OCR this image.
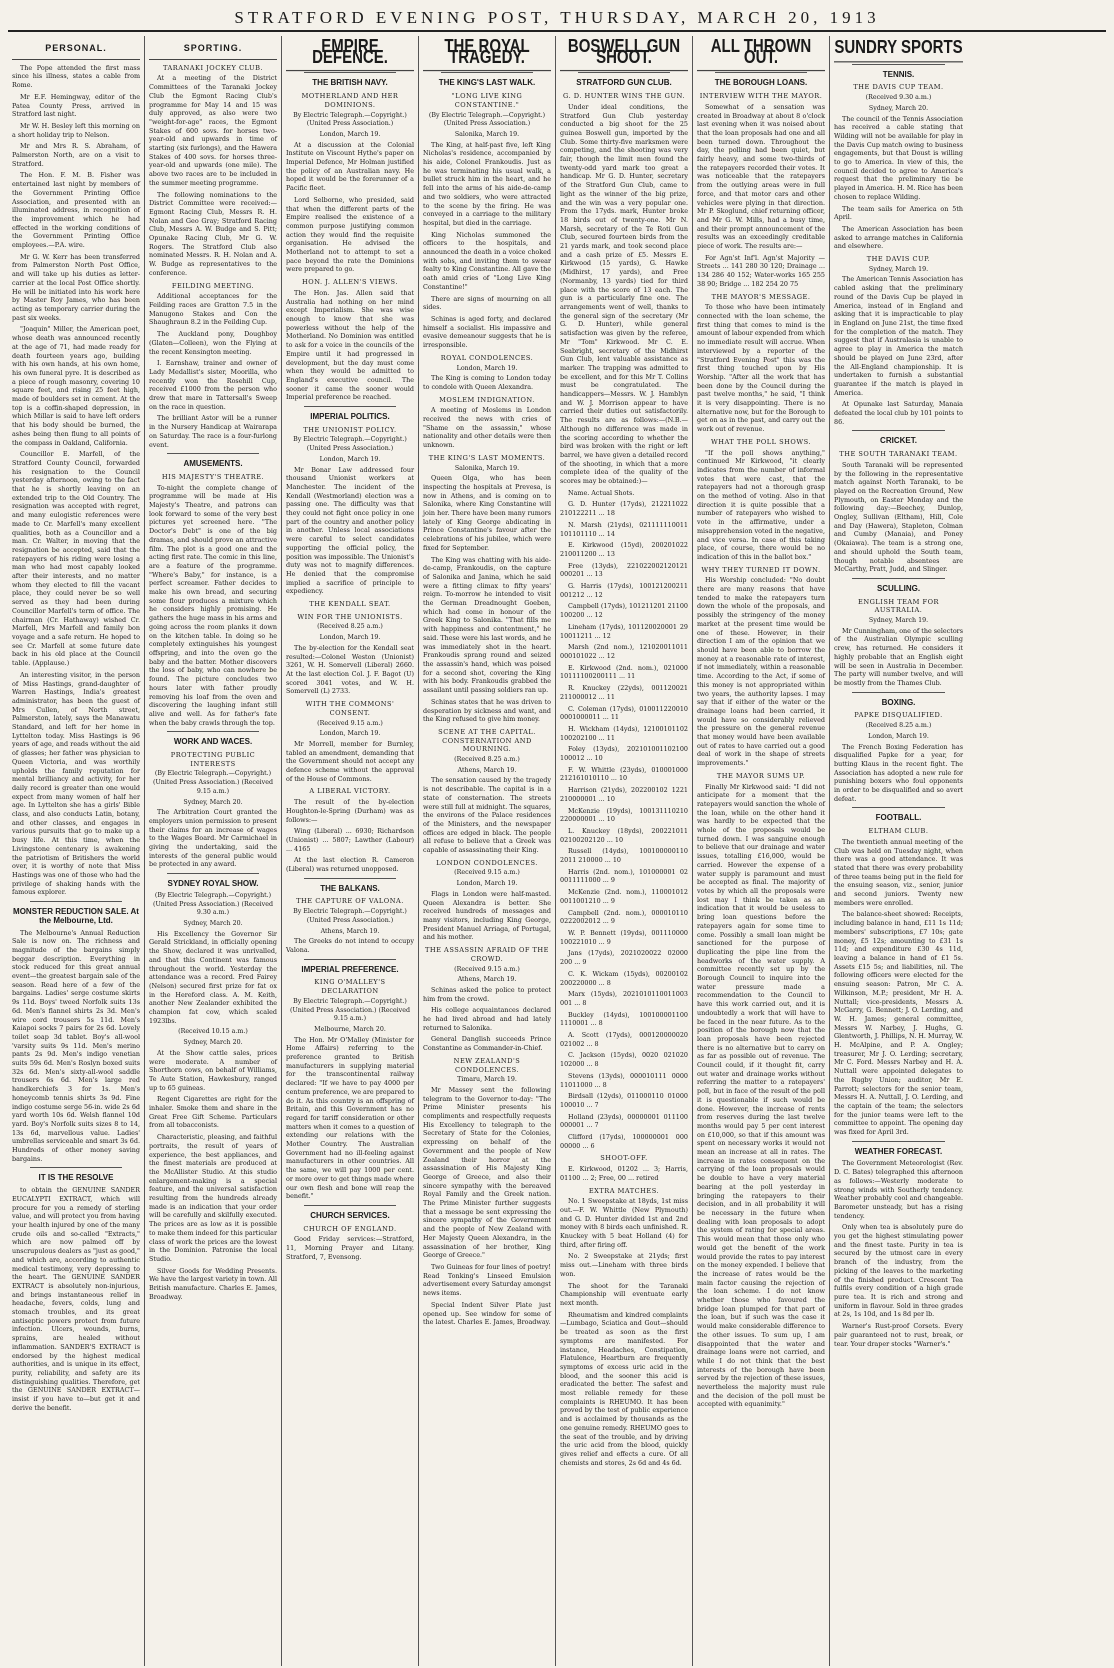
STRATFORD EVENING POST, THURSDAY, MARCH 20, 1913
PERSONAL.

The Pope attended the first mass since his illness, states a cable from Rome.

Mr E.F. Hemingway, editor of the Patea County Press, arrived in Stratford last night.

Mr W. H. Besley left this morning on a short holiday trip to Nelson.

Mr and Mrs R. S. Abraham, of Palmerston North, are on a visit to Stratford.

The Hon. F. M. B. Fisher was entertained last night by members of the Government Printing Office Association, and presented with an illuminated address, in recognition of the improvement which he had effected in the working conditions of the Government Printing Office employees.—P.A. wire.

Mr G. W. Kerr has been transferred from Palmerston North Post Office, and will take up his duties as letter-carrier at the local Post Office shortly. He will be initiated into his work here by Master Roy James, who has been acting as temporary carrier during the past six weeks.

"Joaquin" Miller, the American poet, whose death was announced recently at the age of 71, had made ready for death fourteen years ago, building with his own hands, at his own home, his own funeral pyre. It is described as a piece of rough masonry, covering 10 square feet, and rising 25 feet high, made of boulders set in cement. At the top is a coffin-shaped depression, in which Millar is said to have left orders that his body should be burned, the ashes being then flung to all points of the compass in Oakland, California.

Councillor E. Marfell, of the Stratford County Council, forwarded his resignation to the Council yesterday afternoon, owing to the fact that he is shortly leaving on an extended trip to the Old Country. The resignation was accepted with regret, and many eulogistic references were made to Cr. Marfell's many excellent qualities, both as a Councillor and a man. Cr. Walter, in moving that the resignation be accepted, said that the ratepayers of his riding were losing a man who had most capably looked after their interests, and no matter whom they elected to fill the vacant place, they could never be so well served as they had been during Councillor Marfell's term of office. The chairman (Cr. Hathaway) wished Cr. Marfell, Mrs Marfell and family bon voyage and a safe return. He hoped to see Cr. Marfell at some future date back in his old place at the Council table. (Applause.)

An interesting visitor, in the person of Miss Hastings, grand-daughter of Warren Hastings, India's greatest administrator, has been the guest of Mrs Cullen, of North street, Palmerston, lately, says the Manawatu Standard, and left for her home in Lyttelton today. Miss Hastings is 96 years of age, and reads without the aid of glasses; her father was physician to Queen Victoria, and was worthily upholds the family reputation for mental brilliancy and activity, for her daily record is greater than one would expect from many women of half her age. In Lyttelton she has a girls' Bible class, and also conducts Latin, botany, and other classes, and engages in various pursuits that go to make up a busy life. At this time, when the Livingstone centenary is awakening the patriotism of Britishers the world over, it is worthy of note that Miss Hastings was one of those who had the privilege of shaking hands with the famous explorer.

MONSTER REDUCTION SALE. At the Melbourne, Ltd.

The Melbourne's Annual Reduction Sale is now on. The richness and magnitude of the bargains simply beggar description. Everything in stock reduced for this great annual event—the greatest bargain sale of the season. Read here of a few of the bargains. Ladies' serge costume skirts 9s 11d. Boys' tweed Norfolk suits 13s 6d. Men's flannel shirts 2s 3d. Men's wire cord trousers 5s 11d. Men's Kaiapoi socks 7 pairs for 2s 6d. Lovely toilet soap 3d tablet. Boy's all-wool 'varsity suits 9s 11d. Men's merino pants 2s 9d. Men's indigo venetian suits 59s 6d. Men's Roslyn boxed suits 32s 6d. Men's sixty-all-wool saddle trousers 6s 6d. Men's large red handkerchiefs 3 for 1s. Men's honeycomb tennis shirts 3s 9d. Fine indigo costume serge 56-in. wide 2s 6d yard worth 10s 6d. Welsh flannel 10d yard. Boy's Norfolk suits sizes 8 to 14, 13s 6d, marvellous value. Ladies' umbrellas serviceable and smart 3s 6d. Hundreds of other money saving bargains.

IT IS THE RESOLVE

to obtain the GENUINE SANDER EUCALYPTI EXTRACT, which will procure for you a remedy of sterling value, and will protect you from having your health injured by one of the many crude oils and so-called "Extracts," which are now palmed off by unscrupulous dealers as "just as good," and which are, according to authentic medical testimony, very depressing to the heart. The GENUINE SANDER EXTRACT is absolutely non-injurious, and brings instantaneous relief in headache, fevers, colds, lung and stomach troubles, and its great antiseptic powers protect from future infection. Ulcers, wounds, burns, sprains, are healed without inflammation. SANDER'S EXTRACT is endorsed by the highest medical authorities, and is unique in its effect, purity, reliability, and safety are its distinguishing qualities. Therefore, get the GENUINE SANDER EXTRACT—insist if you have to—but get it and derive the benefit.

SPORTING.
TARANAKI JOCKEY CLUB.

At a meeting of the District Committees of the Taranaki Jockey Club the Egmont Racing Club's programme for May 14 and 15 was duly approved, as also were two "weight-for-age" races, the Egmont Stakes of 600 sovs. for horses two-year-old and upwards in time of starting (six furlongs), and the Hawera Stakes of 400 sovs. for horses three-year-old and upwards (one mile). The above two races are to be included in the summer meeting programme.

The following nominations to the District Committee were received:—Egmont Racing Club, Messrs R. H. Nolan and Geo Gray; Stratford Racing Club, Messrs A. W. Budge and S. Pitt; Opunake Racing Club, Mr G. W. Rogers. The Stratford Club also nominated Messrs. R. H. Nolan and A. W. Budge as representatives to the conference.

FEILDING MEETING.

Additional acceptances for the Feilding races are Gratton 7.5 in the Manugono Stakes and Con the Shaughraun 8.2 in the Feilding Cup.

The Auckland pony, Doughboy (Glaten—Colleen), won the Flying at the recent Kensington meeting.

I. Earnshaw, trainer and owner of Lady Medallist's sister, Moorilla, who recently won the Rosehill Cup, received £1000 from the person who drew that mare in Tattersall's Sweep on the race in question.

The brilliant Astor will be a runner in the Nursery Handicap at Wairarapa on Saturday. The race is a four-furlong event.

AMUSEMENTS.
HIS MAJESTY'S THEATRE.

To-night the complete change of programme will be made at His Majesty's Theatre, and patrons can look forward to some of the very best pictures yet screened here. "The Doctor's Debt" is one of the big dramas, and should prove an attractive film. The plot is a good one and the acting first rate. The comic in this line, are a feature of the programme. "Where's Baby," for instance, is a perfect screamer. Father decides to make his own bread, and securing some flour produces a mixture which he considers highly promising. He gathers the huge mass in his arms and going across the room planks it down on the kitchen table. In doing so he completely extinguishes his youngest offspring, and into the oven go the baby and the batter. Mother discovers the loss of baby, who can nowhere be found. The picture concludes two hours later with father proudly removing his loaf from the oven and discovering the laughing infant still alive and well. As for father's fate when the baby crawls through the top.

WORK AND WACES.
PROTECTING PUBLIC INTERESTS
(By Electric Telegraph.—Copyright.) (United Press Association.) (Received 9.15 a.m.)
Sydney, March 20.

The Arbitration Court granted the employers union permission to present their claims for an increase of wages to the Wages Board. Mr Carmichael in giving the undertaking, said the interests of the general public would be protected in any award.

SYDNEY ROYAL SHOW.
(By Electric Telegraph.—Copyright.) (United Press Association.) (Received 9.30 a.m.)
Sydney, March 20.

His Excellency the Governor Sir Gerald Strickland, in officially opening the Show, declared it was unrivalled, and that this Continent was famous throughout the world. Yesterday the attendance was a record. Fred Fairey (Nelson) secured first prize for fat ox in the Hereford class. A. M. Keith, another New Zealander exhibited the champion fat cow, which scaled 1923lbs.

(Received 10.15 a.m.)
Sydney, March 20.

At the Show cattle sales, prices were moderate. A number of Shorthorn cows, on behalf of Williams, Te Aute Station, Hawkesbury, ranged up to 65 guineas.

Regent Cigarettes are right for the inhaler. Smoke them and share in the Great Free Gift Scheme. Particulars from all tobacconists.

Characteristic, pleasing, and faithful portraits, the result of years of experience, the best appliances, and the finest materials are produced at the McAllister Studio. At this studio enlargement-making is a special feature, and the universal satisfaction resulting from the hundreds already made is an indication that your order will be carefully and skilfully executed. The prices are as low as it is possible to make them indeed for this particular class of work the prices are the lowest in the Dominion. Patronise the local Studio.

Silver Goods for Wedding Presents. We have the largest variety in town. All British manufacture. Charles E. James, Broadway.

EMPIRE DEFENCE.
THE BRITISH NAVY.
MOTHERLAND AND HER DOMINIONS.
By Electric Telegraph.—Copyright.) (United Press Association.)
London, March 19.

At a discussion at the Colonial Institute on Viscount Hythe's paper on Imperial Defence, Mr Holman justified the policy of an Australian navy. He hoped it would be the forerunner of a Pacific fleet.

Lord Selborne, who presided, said that when the different parts of the Empire realised the existence of a common purpose justifying common action they would find the requisite organisation. He advised the Motherland not to attempt to set a pace beyond the rate the Dominions were prepared to go.

HON. J. ALLEN'S VIEWS.

The Hon. Jas. Allen said that Australia had nothing on her mind except Imperialism. She was wise enough to know that she was powerless without the help of the Motherland. No Dominion was entitled to ask for a voice in the councils of the Empire until it had progressed in development, but the day must come when they would be admitted to England's executive council. The sooner it came the sooner would Imperial preference be reached.

IMPERIAL POLITICS.
THE UNIONIST POLICY.
By Electric Telegraph.—Copyright.) (United Press Association.)
London, March 19.

Mr Bonar Law addressed four thousand Unionist workers at Manchester. The incident of the Kendall (Westmorland) election was a passing one. The difficulty was that they could not fight once policy in one part of the country and another policy in another. Unless local associations were careful to select candidates supporting the official policy, the position was impossible. The Unionist's duty was not to magnify differences. He denied that the compromise implied a sacrifice of principle to expediency.

THE KENDALL SEAT.
WIN FOR THE UNIONISTS.
(Received 8.25 a.m.)
London, March 19.

The by-election for the Kendall seat resulted:—Colonel Weston (Unionist) 3261, W. H. Somervell (Liberal) 2660. At the last election Col. J. F. Bagot (U) scored 3041 votes, and W. H. Somervell (L) 2733.

WITH THE COMMONS' CONSENT.
(Received 9.15 a.m.)
London, March 19.

Mr Morrell, member for Burnley, tabled an amendment, demanding that the Government should not accept any defence scheme without the approval of the House of Commons.

A LIBERAL VICTORY.

The result of the by-election Houghton-le-Spring (Durham) was as follows:—

Wing (Liberal) ... 6930; Richardson (Unionist) ... 5807; Lawther (Labour) ... 4165

At the last election R. Cameron (Liberal) was returned unopposed.

THE BALKANS.
THE CAPTURE OF VALONA.
By Electric Telegraph.—Copyright.) (United Press Association.)
Athens, March 19.

The Greeks do not intend to occupy Valona.

IMPERIAL PREFERENCE.
KING O'MALLEY'S DECLARATION
By Electric Telegraph.—Copyright.) (United Press Association.) (Received 9.15 a.m.)
Melbourne, March 20.

The Hon. Mr O'Malley (Minister for Home Affairs) referring to the preference granted to British manufacturers in supplying material for the transcontinental railway declared: "If we have to pay 4000 per centum preference, we are prepared to do it. As this country is an offspring of Britain, and this Government has no regard for tariff consideration or other matters when it comes to a question of extending our relations with the Mother Country. The Australian Government had no ill-feeling against manufacturers in other countries. All the same, we will pay 1000 per cent. or more over to get things made where our own flesh and bone will reap the benefit."

CHURCH SERVICES.
CHURCH OF ENGLAND.

Good Friday services:—Stratford, 11, Morning Prayer and Litany. Stratford, 7, Evensong.

THE ROYAL TRAGEDY.
THE KING'S LAST WALK.
"LONG LIVE KING CONSTANTINE."
(By Electric Telegraph.—Copyright.) (United Press Association.)
Salonika, March 19.

The King, at half-past five, left King Nicholas's residence, accompanied by his aide, Colonel Frankoudis. Just as he was terminating his usual walk, a bullet struck him in the heart, and he fell into the arms of his aide-de-camp and two soldiers, who were attracted to the scene by the firing. He was conveyed in a carriage to the military hospital, but died in the carriage.

King Nicholas summoned the officers to the hospitals, and announced the death in a voice choked with sobs, and inviting them to swear fealty to King Constantine. All gave the oath amid cries of "Long Live King Constantine!"

There are signs of mourning on all sides.

Schinas is aged forty, and declared himself a socialist. His impassive and evasive demeanour suggests that he is irresponsible.

ROYAL CONDOLENCES.
London, March 19.

The King is coming to London today to condole with Queen Alexandra.

MOSLEM INDIGNATION.

A meeting of Moslems in London received the news with cries of "Shame on the assassin," whose nationality and other details were then unknown.

THE KING'S LAST MOMENTS.
Salonika, March 19.

Queen Olga, who has been inspecting the hospitals at Prevesa, is now in Athens, and is coming on to Salonika, where King Constantine will join her. There have been many rumors lately of King George abdicating in Prince Constantine's favour after the celebrations of his jubilee, which were fixed for September.

The King was chatting with his aide-de-camp, Frankoudis, on the capture of Salonika and Janina, which he said were a fitting climax to fifty years' reign. To-morrow he intended to visit the German Dreadnought Goeben, which had come in honour of the Greek King to Salonika. "That fills me with happiness and contentment," he said. These were his last words, and he was immediately shot in the heart. Frankoudis sprang round and seized the assassin's hand, which was poised for a second shot, covering the King with his body. Frankoudis grabbed the assailant until passing soldiers ran up.

Schinas states that he was driven to desperation by sickness and want, and the King refused to give him money.

SCENE AT THE CAPITAL. CONSTERNATION AND MOURNING.
(Received 8.25 a.m.)
Athens, March 19.

The sensation caused by the tragedy is not describable. The capital is in a state of consternation. The streets were still full at midnight. The squares, the environs of the Palace residences of the Ministers, and the newspaper offices are edged in black. The people all refuse to believe that a Greek was capable of assassinating their King.

LONDON CONDOLENCES.
(Received 9.15 a.m.)
London, March 19.

Flags in London were half-masted. Queen Alexandra is better. She received hundreds of messages and many visitors, including King George, President Manuel Arriaga, of Portugal, and his mother.

THE ASSASSIN AFRAID OF THE CROWD.
(Received 9.15 a.m.)
Athens, March 19.

Schinas asked the police to protect him from the crowd.

His college acquaintances declared he had lived abroad and had lately returned to Salonika.

General Danglish succeeds Prince Constantine as Commander-in-Chief.

NEW ZEALAND'S CONDOLENCES.
Timaru, March 19.

Mr Massey sent the following telegram to the Governor to-day: "The Prime Minister presents his compliments and respectfully requests His Excellency to telegraph to the Secretary of State for the Colonies, expressing on behalf of the Government and the people of New Zealand their horror at the assassination of His Majesty King George of Greece, and also their sincere sympathy with the bereaved Royal Family and the Greek nation. The Prime Minister further suggests that a message be sent expressing the sincere sympathy of the Government and the people of New Zealand with Her Majesty Queen Alexandra, in the assassination of her brother, King George of Greece."

Two Guineas for four lines of poetry! Read Tonking's Linseed Emulsion advertisement every Saturday amongst news items.

Special Indent Silver Plate just opened up. See window for some of the latest. Charles E. James, Broadway.

BOSWELL GUN SHOOT.
STRATFORD GUN CLUB.
G. D. HUNTER WINS THE GUN.

Under ideal conditions, the Stratford Gun Club yesterday conducted a big shoot for the 25 guinea Boswell gun, imported by the Club. Some thirty-five marksmen were competing, and the shooting was very fair, though the limit men found the twenty-odd yard mark too great a handicap. Mr G. D. Hunter, secretary of the Stratford Gun Club, came to light as the winner of the big prize, and the win was a very popular one. From the 17yds. mark, Hunter broke 18 birds out of twenty-one. Mr N. Marsh, secretary of the Te Roti Gun Club, secured fourteen birds from the 21 yards mark, and took second place and a cash prize of £5. Messrs E. Kirkwood (15 yards), G. Hawke (Midhirst, 17 yards), and Free (Normanby, 13 yards) tied for third place with the score of 13 each. The gun is a particularly fine one. The arrangements went of well, thanks to the general sign of the secretary (Mr G. D. Hunter), while general satisfaction was given by the referee, Mr "Tom" Kirkwood. Mr C. E. Seabright, secretary of the Midhirst Gun Club, lent valuable assistance as marker. The trapping was admitted to be excellent, and for this Mr T. Collins must be congratulated. The handicappers—Messrs. W. J. Hamblyn and W. J. Morrison appear to have carried their duties out satisfactorily. The results are as follows:—(N.B.—Although no difference was made in the scoring according to whether the bird was broken with the right or left barrel, we have given a detailed record of the shooting, in which that a more complete idea of the quality of the scores may be obtained:)—

Name. Actual Shots.

G. D. Hunter (17yds), 212211022 210122211 ... 18

N. Marsh (21yds), 021111110011 101101110 ... 14

E. Kirkwood (15yd), 200201022 210011200 ... 13

Free (13yds), 221022002120121 000201 ... 13

G. Harris (17yds), 100121200211 001212 ... 12

Campbell (17yds), 101211201 21100 100200 ... 12

Lineham (17yds), 101120020001 29 10011211 ... 12

Marsh (2nd nom.), 121020011011 000101022 ... 12

E. Kirkwood (2nd. nom.), 021000 10111100200111 ... 11

R. Knuckey (22yds), 001120021 211000012 ... 11

C. Coleman (17yds), 010011220010 0001000011 ... 11

H. Wickham (14yds), 12100101102 100202100 ... 11

Foley (13yds), 202101001102100 100012 ... 10

F. W. Whittle (23yds), 010001000 212161010110 ... 10

Harrison (21yds), 202200102 1221 210000001 ... 10

McKenzie (19yds), 100131110210 220000001 ... 10

L. Knuckey (18yds), 200221011 02100202120 ... 10

Russell (14yds), 100100000110 2011 210000 ... 10

Harris (2nd. nom.), 101000001 02 0011111000 ... 9

McKenzie (2nd. nom.), 110001012 0011001210 ... 9

Campbell (2nd. nom.), 000010110 0222002012 ... 9

W. P. Bennett (19yds), 001110000 100221010 ... 9

Jans (17yds), 2021020022 02000 200 ... 9

C. K. Wickam (15yds), 00200102 200220000 ... 8

Marx (15yds), 2021010110011003 001 ... 8

Buckley (14yds), 100100001100 1110001 ... 8

A. Scott (17yds), 000120000020 021002 ... 8

C. Jackson (15yds), 0020 021020 102000 ... 8

Stevens (13yds), 000010111 0000 11011000 ... 8

Birdsall (12yds), 011000110 01000 100010 ... 7

Holland (23yds), 00000001 011100 000001 ... 7

Clifford (17yds), 100000001 000 00000 ... 6

SHOOT-OFF.

E. Kirkwood, 01202 ... 3; Harris, 01100 ... 2; Free, 00 ... retired

EXTRA MATCHES.

No. 1 Sweepstake at 18yds, 1st miss out.—F. W. Whittle (New Plymouth) and G. D. Hunter divided 1st and 2nd money with 8 birds each unfinished. R. Knuckey with 5 beat Holland (4) for third, after firing off.

No. 2 Sweepstake at 21yds; first miss out.—Lineham with three birds won.

The shoot for the Taranaki Championship will eventuate early next month.

Rheumatism and kindred complaints —Lumbago, Sciatica and Gout—should be treated as soon as the first symptoms are manifested. For instance, Headaches, Constipation, Flatulence, Heartburn are frequently symptoms of excess uric acid in the blood, and the sooner this acid is eradicated the better. The safest and most reliable remedy for these complaints is RHEUMO. It has been proved by the test of public experience and is acclaimed by thousands as the one genuine remedy. RHEUMO goes to the seat of the trouble, and by driving the uric acid from the blood, quickly gives relief and effects a cure. Of all chemists and stores, 2s 6d and 4s 6d.

ALL THROWN OUT.
THE BOROUGH LOANS.
INTERVIEW WITH THE MAYOR.

Somewhat of a sensation was created in Broadway at about 8 o'clock last evening when it was noised about that the loan proposals had one and all been turned down. Throughout the day, the polling had been quiet, but fairly heavy, and some two-thirds of the ratepayers recorded their votes. It was noticeable that the ratepayers from the outlying areas were in full force, and that motor cars and other vehicles were plying in that direction. Mr P. Skoglund, chief returning officer, and Mr G. W. Mills, had a busy time, and their prompt announcement of the results was an exceedingly creditable piece of work. The results are:—

For Agn'st Inf'l. Agn'st Majority — Streets ... 141 280 30 120; Drainage ... 134 286 40 152; Water-works 165 255 38 90; Bridge ... 182 254 20 75

THE MAYOR'S MESSAGE.

To those who have been intimately connected with the loan scheme, the first thing that comes to mind is the amount of labour expended from which no immediate result will accrue. When interviewed by a reporter of the "Stratford Evening Post" this was the first thing touched upon by His Worship. "After all the work that has been done by the Council during the past twelve months," he said, "I think it is very disappointing. There is no alternative now, but for the Borough to get on as in the past, and carry out the work out of revenue.

WHAT THE POLL SHOWS.

"If the poll shows anything," continued Mr Kirkwood, "it clearly indicates from the number of informal votes that were cast, that the ratepayers had not a thorough grasp on the method of voting. Also in that direction it is quite possible that a number of ratepayers who wished to vote in the affirmative, under a misapprehension voted in the negative, and vice versa. In case of this taking place, of course, there would be no indication of this in the ballot box."

WHY THEY TURNED IT DOWN.

His Worship concluded: "No doubt there are many reasons that have tended to make the ratepayers turn down the whole of the proposals, and possibly the stringency of the money market at the present time would be one of these. However, in their direction I am of the opinion that we should have been able to borrow the money at a reasonable rate of interest, if not immediately, within a reasonable time. According to the Act, if some of this money is not appropriated within two years, the authority lapses. I may say that if either of the water or the drainage loans had been carried, it would have so considerably relieved the pressure on the general revenue that money would have been available out of rates to have carried out a good deal of work in the shape of streets improvements."

THE MAYOR SUMS UP.

Finally Mr Kirkwood said: "I did not anticipate for a moment that the ratepayers would sanction the whole of the loan, while on the other hand it was hardly to be expected that the whole of the proposals would be turned down. I was sanguine enough to believe that our drainage and water issues, totalling £16,000, would be carried. However the expense of a water supply is paramount and must be accepted as final. The majority of votes by which all the proposals were lost may I think be taken as an indication that it would be useless to bring loan questions before the ratepayers again for some time to come. Possibly a small loan might be sanctioned for the purpose of duplicating the pipe line from the headworks of the water supply. A committee recently set up by the Borough Council to inquire into the water pressure made a recommendation to the Council to have this work carried out, and it is undoubtedly a work that will have to be faced in the near future. As to the position of the borough now that the loan proposals have been rejected there is no alternative but to carry on as far as possible out of revenue. The Council could, if it thought fit, carry out water and drainage works without referring the matter to a ratepayers' poll, but in face of the result of the poll it is questionable if such would be done. However, the increase of rents from reserves during the last twelve months would pay 5 per cent interest on £10,000, so that if this amount was spent on necessary works it would not mean an increase at all in rates. The increase in rates consequent on the carrying of the loan proposals would be double to have a very material bearing at the poll yesterday in bringing the ratepayers to their decision, and in all probability it will be necessary in the future when dealing with loan proposals to adopt the system of rating for special areas. This would mean that those only who would get the benefit of the work would provide the rates to pay interest on the money expended. I believe that the increase of rates would be the main factor causing the rejection of the loan scheme. I do not know whether those who favoured the bridge loan plumped for that part of the loan, but if such was the case it would make considerable difference to the other issues. To sum up, I am disappointed that the water and drainage loans were not carried, and while I do not think that the best interests of the borough have been served by the rejection of these issues, nevertheless the majority must rule and the decision of the poll must be accepted with equanimity."

SUNDRY SPORTS
TENNIS.
THE DAVIS CUP TEAM.
(Received 9.30 a.m.)
Sydney, March 20.

The council of the Tennis Association has received a cable stating that Wilding will not be available for play in the Davis Cup match owing to business engagements, but that Doust is willing to go to America. In view of this, the council decided to agree to America's request that the preliminary tie be played in America. H. M. Rice has been chosen to replace Wilding.

The team sails for America on 5th April.

The American Association has been asked to arrange matches in California and elsewhere.

THE DAVIS CUP.
Sydney, March 19.

The American Tennis Association has cabled asking that the preliminary round of the Davis Cup be played in America, instead of in England and asking that it is impracticable to play in England on June 21st, the time fixed for the completion of the match. They suggest that if Australasia is unable to agree to play in America the match should be played on June 23rd, after the All-England championship. It is undertaken to furnish a substantial guarantee if the match is played in America.

At Opunake last Saturday, Manaia defeated the local club by 101 points to 86.

CRICKET.
THE SOUTH TARANAKI TEAM.

South Taranaki will be represented by the following in the representative match against North Taranaki, to be played on the Recreation Ground, New Plymouth, on Easter Monday and the following day:—Beechey, Dunlop, Ongley, Sullivan (Eltham), Hill, Cole and Day (Hawera), Stapleton, Colman and Cumby (Manaia), and Poney (Okaiawa). The team is a strong one, and should uphold the South team, though notable absentees are McCarthy, Pratt, Judd, and Slinger.

SCULLING.
ENGLISH TEAM FOR AUSTRALIA.
Sydney, March 19.

Mr Cunningham, one of the selectors of the Australian Olympic sculling crew, has returned. He considers it highly probable that an English eight will be seen in Australia in December. The party will number twelve, and will be mostly from the Thames Club.

BOXING.
PAPKE DISQUALIFIED.
(Received 8.25 a.m.)
London, March 19.

The French Boxing Federation has disqualified Papke for a year, for butting Klaus in the recent fight. The Association has adopted a new rule for punishing boxers who foul opponents in order to be disqualified and so avert defeat.

FOOTBALL.
ELTHAM CLUB.

The twentieth annual meeting of the Club was held on Tuesday night, when there was a good attendance. It was stated that there was every probability of three teams being put in the field for the ensuing season, viz., senior, junior and second juniors. Twenty new members were enrolled.

The balance-sheet showed: Receipts, including balance in hand, £11 1s 11d; members' subscriptions, £7 10s; gate money, £5 12s; amounting to £31 1s 11d; and expenditure £30 4s 11d, leaving a balance in hand of £1 5s. Assets £15 5s; and liabilities, nil. The following officers were elected for the ensuing season: Patron, Mr C. A. Wilkinson, M.P.; president, Mr H. A. Nuttall; vice-presidents, Messrs A. McGarry, G. Bennett; J. O. Lerding, and W. H. James; general committee, Messrs W. Narbey, J. Hughs, G. Glentworth, J. Phillips, N. H. Murray, W. H. McAlpine, and P. A. Ongley; treasurer, Mr J. O. Lerding; secretary, Mr C. Ford. Messrs Narbey and H. A. Nuttall were appointed delegates to the Rugby Union; auditor, Mr E. Parrott; selectors for the senior team, Messrs H. A. Nuttall, J. O. Lerding, and the captain of the team; the selectors for the junior teams were left to the committee to appoint. The opening day was fixed for April 3rd.

WEATHER FORECAST.

The Government Meteorologist (Rev. D. C. Bates) telegraphed this afternoon as follows:—Westerly moderate to strong winds with Southerly tendency. Weather probably cool and changeable. Barometer unsteady, but has a rising tendency.

Only when tea is absolutely pure do you get the highest stimulating power and the finest taste. Purity in tea is secured by the utmost care in every branch of the industry, from the picking of the leaves to the marketing of the finished product. Crescent Tea fulfils every condition of a high grade pure tea. It is rich and strong and uniform in flavour. Sold in three grades at 2s, 1s 10d, and 1s 8d per lb.

Warner's Rust-proof Corsets. Every pair guaranteed not to rust, break, or tear. Your draper stocks "Warner's."
